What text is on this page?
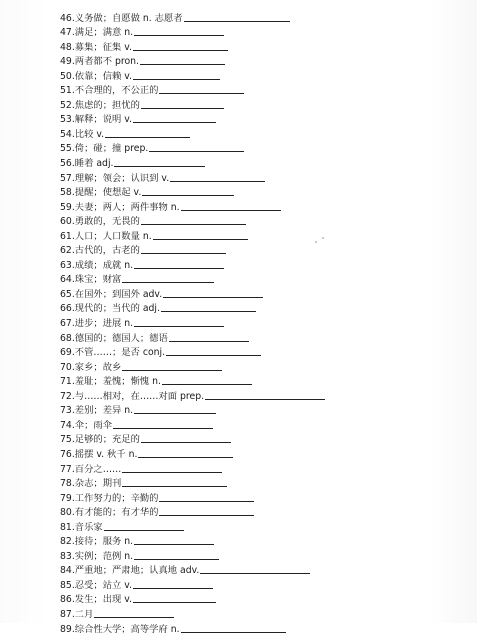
46. 义务做；自愿做 n. 志愿者
47. 满足；满意 n.
48. 募集；征集 v.
49. 两者都不 pron.
50. 依靠；信赖 v.
51. 不合理的，不公正的
52. 焦虑的；担忧的
53. 解释；说明 v.
54. 比较 v.
55. 倚；碰；撞 prep.
56. 睡着 adj.
57. 理解；领会；认识到 v.
58. 提醒；使想起 v.
59. 夫妻；两人；两件事物 n.
60. 勇敢的，无畏的
61. 人口；人口数量 n.
62. 古代的，古老的
63. 成绩；成就 n.
64. 珠宝；财富
65. 在国外；到国外 adv.
66. 现代的；当代的 adj.
67. 进步；进展 n.
68. 德国的；德国人；德语
69. 不管……；是否 conj.
70. 家乡；故乡
71. 羞耻；羞愧；惭愧 n.
72. 与……相对，在……对面 prep.
73. 差别；差异 n.
74. 伞；雨伞
75. 足够的；充足的
76. 摇摆 v. 秋千 n.
77. 百分之……
78. 杂志；期刊
79. 工作努力的；辛勤的
80. 有才能的；有才华的
81. 音乐家
82. 接待；服务 n.
83. 实例；范例 n.
84. 严重地；严肃地；认真地 adv.
85. 忍受；站立 v.
86. 发生；出现 v.
87. 二月
89. 综合性大学；高等学府 n.
